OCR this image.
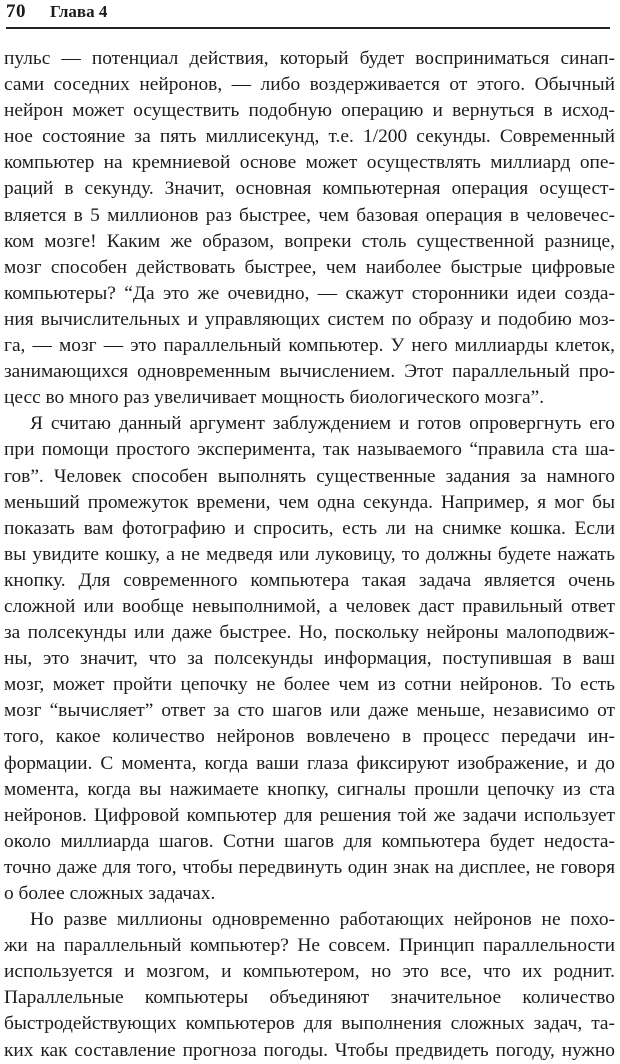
70 Глава 4
пульс — потенциал действия, который будет восприниматься синап-
сами соседних нейронов, — либо воздерживается от этого. Обычный
нейрон может осуществить подобную операцию и вернуться в исход-
ное состояние за пять миллисекунд, т.е. 1/200 секунды. Современный
компьютер на кремниевой основе может осуществлять миллиард опе-
раций в секунду. Значит, основная компьютерная операция осущест-
вляется в 5 миллионов раз быстрее, чем базовая операция в человечес-
ком мозге! Каким же образом, вопреки столь существенной разнице,
мозг способен действовать быстрее, чем наиболее быстрые цифровые
компьютеры? “Да это же очевидно, — скажут сторонники идеи созда-
ния вычислительных и управляющих систем по образу и подобию моз-
га, — мозг — это параллельный компьютер. У него миллиарды клеток,
занимающихся одновременным вычислением. Этот параллельный про-
цесс во много раз увеличивает мощность биологического мозга”.
Я считаю данный аргумент заблуждением и готов опровергнуть его
при помощи простого эксперимента, так называемого “правила ста ша-
гов”. Человек способен выполнять существенные задания за намного
меньший промежуток времени, чем одна секунда. Например, я мог бы
показать вам фотографию и спросить, есть ли на снимке кошка. Если
вы увидите кошку, а не медведя или луковицу, то должны будете нажать
кнопку. Для современного компьютера такая задача является очень
сложной или вообще невыполнимой, а человек даст правильный ответ
за полсекунды или даже быстрее. Но, поскольку нейроны малоподвиж-
ны, это значит, что за полсекунды информация, поступившая в ваш
мозг, может пройти цепочку не более чем из сотни нейронов. То есть
мозг “вычисляет” ответ за сто шагов или даже меньше, независимо от
того, какое количество нейронов вовлечено в процесс передачи ин-
формации. С момента, когда ваши глаза фиксируют изображение, и до
момента, когда вы нажимаете кнопку, сигналы прошли цепочку из ста
нейронов. Цифровой компьютер для решения той же задачи использует
около миллиарда шагов. Сотни шагов для компьютера будет недоста-
точно даже для того, чтобы передвинуть один знак на дисплее, не говоря
о более сложных задачах.
Но разве миллионы одновременно работающих нейронов не похо-
жи на параллельный компьютер? Не совсем. Принцип параллельности
используется и мозгом, и компьютером, но это все, что их роднит.
Параллельные компьютеры объединяют значительное количество
быстродействующих компьютеров для выполнения сложных задач, та-
ких как составление прогноза погоды. Чтобы предвидеть погоду, нужно
